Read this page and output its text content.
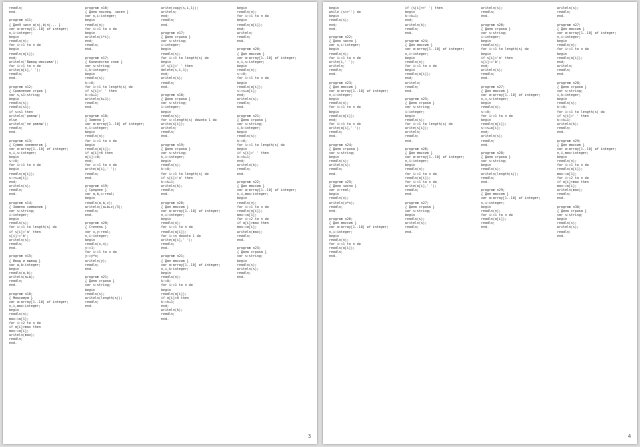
readln;
end.
program n11;
{ Дан9 чиcл a(n),b(n)... }
var a:array[1..10] of integer;
n,i:integer;
begin
readln(n);
for i:=1 to n do
begin
readln(a[i]);
end;
writeln('Вывод массива');
for i:=1 to n do
write(a[i],' ');
readln;
end.
program n12;
{ Сравнение строк }
var s,s1:string;
begin
readln(s);
readln(s1);
if s=s1 then
writeln('равны')
else
writeln('не равны');
readln;
end.
program n13;
{ Сумма элементов }
var a:array[1..10] of integer;
n,i,s:integer;
begin
s:=0;
for i:=1 to n do
begin
readln(a[i]);
s:=s+a[i];
end;
writeln(s);
readln;
end.
program n14;
{ Замена символов }
var s:string;
i:integer;
begin
readln(s);
for i:=1 to length(s) do
if s[i]='a' then
s[i]:='b';
writeln(s);
readln;
end.
program n15;
{ Ввод и вывод }
var a,b:integer;
begin
readln(a,b);
writeln(a+b);
readln;
end.
program n16;
{ Максимум }
var a:array[1..10] of integer;
n,i,max:integer;
begin
readln(n);
max:=a[1];
for i:=2 to n do
if a[i]>max then
max:=a[i];
writeln(max);
readln;
end.
program n16;
{ Дана послед. чисел }
var n,i:integer;
begin
readln(n);
for i:=1 to n do
begin
writeln(i*i);
end;
readln;
end.
program n17;
{ Количество слов }
var s:string;
i,k:integer;
begin
readln(s);
k:=0;
for i:=1 to length(s) do
if s[i]=' ' then
k:=k+1;
writeln(k+1);
readln;
end.
program n18;
{ Замена }
var a:array[1..10] of integer;
n,i:integer;
begin
readln(n);
for i:=1 to n do
begin
readln(a[i]);
if a[i]<0 then
a[i]:=0;
end;
for i:=1 to n do
write(a[i],' ');
readln;
end.
program n19;
{ Среднее }
var a,b,c:real;
begin
readln(a,b,c);
writeln((a+b+c)/3);
readln;
end.
program n20;
{ Степень }
var x,y:real;
n,i:integer;
begin
readln(x,n);
y:=1;
for i:=1 to n do
y:=y*x;
writeln(y);
readln;
end.
program n21;
{ Дана строка }
var s:string;
begin
readln(s);
writeln(length(s));
readln;
end.
write(copy(s,i,1));
writeln;
end;
readln;
end.
program n17;
{ Дана строка }
var s:string;
i:integer;
begin
readln(s);
for i:=1 to length(s) do
begin
if s[i]=' ' then
delete(s,i,1);
end;
writeln(s);
readln;
end.
program n18;
{ Дана строка }
var s:string;
i:integer;
begin
readln(s);
for i:=length(s) downto 1 do
write(s[i]);
writeln;
readln;
end.
program n19;
{ Дана строка }
var s:string;
k,i:integer;
begin
readln(s);
k:=0;
for i:=1 to length(s) do
if s[i]='a' then
k:=k+1;
writeln(k);
readln;
end.
program n20;
{ Дан массив }
var a:array[1..10] of integer;
n,i:integer;
begin
readln(n);
for i:=1 to n do
readln(a[i]);
for i:=n downto 1 do
write(a[i],' ');
readln;
end.
program n21;
{ Дан массив }
var a:array[1..10] of integer;
n,i,k:integer;
begin
readln(n);
k:=0;
for i:=1 to n do
begin
readln(a[i]);
if a[i]>0 then
k:=k+1;
end;
writeln(k);
readln;
end.
begin
readln(n);
for i:=1 to n do
begin
readln(a[i]);
end;
writeln;
readln;
end.
program n20;
{ Дан массив }
var a:array[1..10] of integer;
n,i,s:integer;
begin
readln(n);
s:=0;
for i:=1 to n do
begin
readln(a[i]);
s:=s+a[i];
end;
writeln(s);
readln;
end.
program n21;
{ Дана строка }
var s:string;
i,k:integer;
begin
readln(s);
k:=0;
for i:=1 to length(s) do
begin
if s[i]=' ' then
k:=k+1;
end;
writeln(k);
readln;
end.
program n22;
{ Дан массив }
var a:array[1..10] of integer;
n,i,max:integer;
begin
readln(n);
for i:=1 to n do
readln(a[i]);
max:=a[1];
for i:=2 to n do
if a[i]>max then
max:=a[i];
writeln(max);
readln;
end.
program n23;
{ Дана строка }
var s:string;
begin
readln(s);
writeln(s);
readln;
end.
3
begin
while (s<>'') do
begin
readln(s);
end;
end.
program n22;
{ Дано число }
var n,i:integer;
begin
readln(n);
for i:=1 to n do
write(i,' ');
writeln;
readln;
end.
program n23;
{ Дан массив }
var a:array[1..10] of integer;
n,i:integer;
begin
readln(n);
for i:=1 to n do
begin
readln(a[i]);
end;
for i:=1 to n do
write(a[i],' ');
readln;
end.
program n24;
{ Дана строка }
var s:string;
begin
readln(s);
writeln(s);
readln;
end.
program n25;
{ Дано число }
var x:real;
begin
readln(x);
writeln(x*x);
readln;
end.
program n26;
{ Дан массив }
var a:array[1..10] of integer;
n,i:integer;
begin
readln(n);
for i:=1 to n do
readln(a[i]);
readln;
end.
if (s[i]<>' ') then
begin
k:=k+1;
end;
writeln(k);
readln;
end.
program n24;
{ Дан массив }
var a:array[1..10] of integer;
n,i:integer;
begin
readln(n);
for i:=1 to n do
begin
readln(a[i]);
end;
writeln;
readln;
end.
program n25;
{ Дана строка }
var s:string;
i:integer;
begin
readln(s);
for i:=1 to length(s) do
write(s[i]);
writeln;
readln;
end.
program n26;
{ Дан массив }
var a:array[1..10] of integer;
n,i:integer;
begin
readln(n);
for i:=1 to n do
readln(a[i]);
for i:=1 to n do
write(a[i],' ');
readln;
end.
program n27;
{ Дана строка }
var s:string;
begin
readln(s);
writeln(s);
readln;
end.
writeln(s);
readln;
end.
program n26;
{ Дана строка }
var s:string;
i:integer;
begin
readln(s);
for i:=1 to length(s) do
begin
if s[i]='a' then
s[i]:='b';
end;
writeln(s);
readln;
end.
program n27;
{ Дан массив }
var a:array[1..10] of integer;
n,i,s:integer;
begin
readln(n);
s:=0;
for i:=1 to n do
begin
readln(a[i]);
s:=s+a[i];
end;
writeln(s);
readln;
end.
program n28;
{ Дана строка }
var s:string;
begin
readln(s);
writeln(length(s));
readln;
end.
program n29;
{ Дан массив }
var a:array[1..10] of integer;
n,i:integer;
begin
readln(n);
for i:=1 to n do
readln(a[i]);
readln;
end.
writeln(s);
readln;
end.
program n27;
{ Дан массив }
var a:array[1..10] of integer;
n,i:integer;
begin
readln(n);
for i:=1 to n do
begin
readln(a[i]);
end;
writeln;
readln;
end.
program n28;
{ Дана строка }
var s:string;
i,k:integer;
begin
readln(s);
k:=0;
for i:=1 to length(s) do
if s[i]=' ' then
k:=k+1;
writeln(k);
readln;
end.
program n29;
{ Дан массив }
var a:array[1..10] of integer;
n,i,max:integer;
begin
readln(n);
for i:=1 to n do
readln(a[i]);
max:=a[1];
for i:=2 to n do
if a[i]>max then
max:=a[i];
writeln(max);
readln;
end.
program n30;
{ Дана строка }
var s:string;
begin
readln(s);
writeln(s);
readln;
end.
4
